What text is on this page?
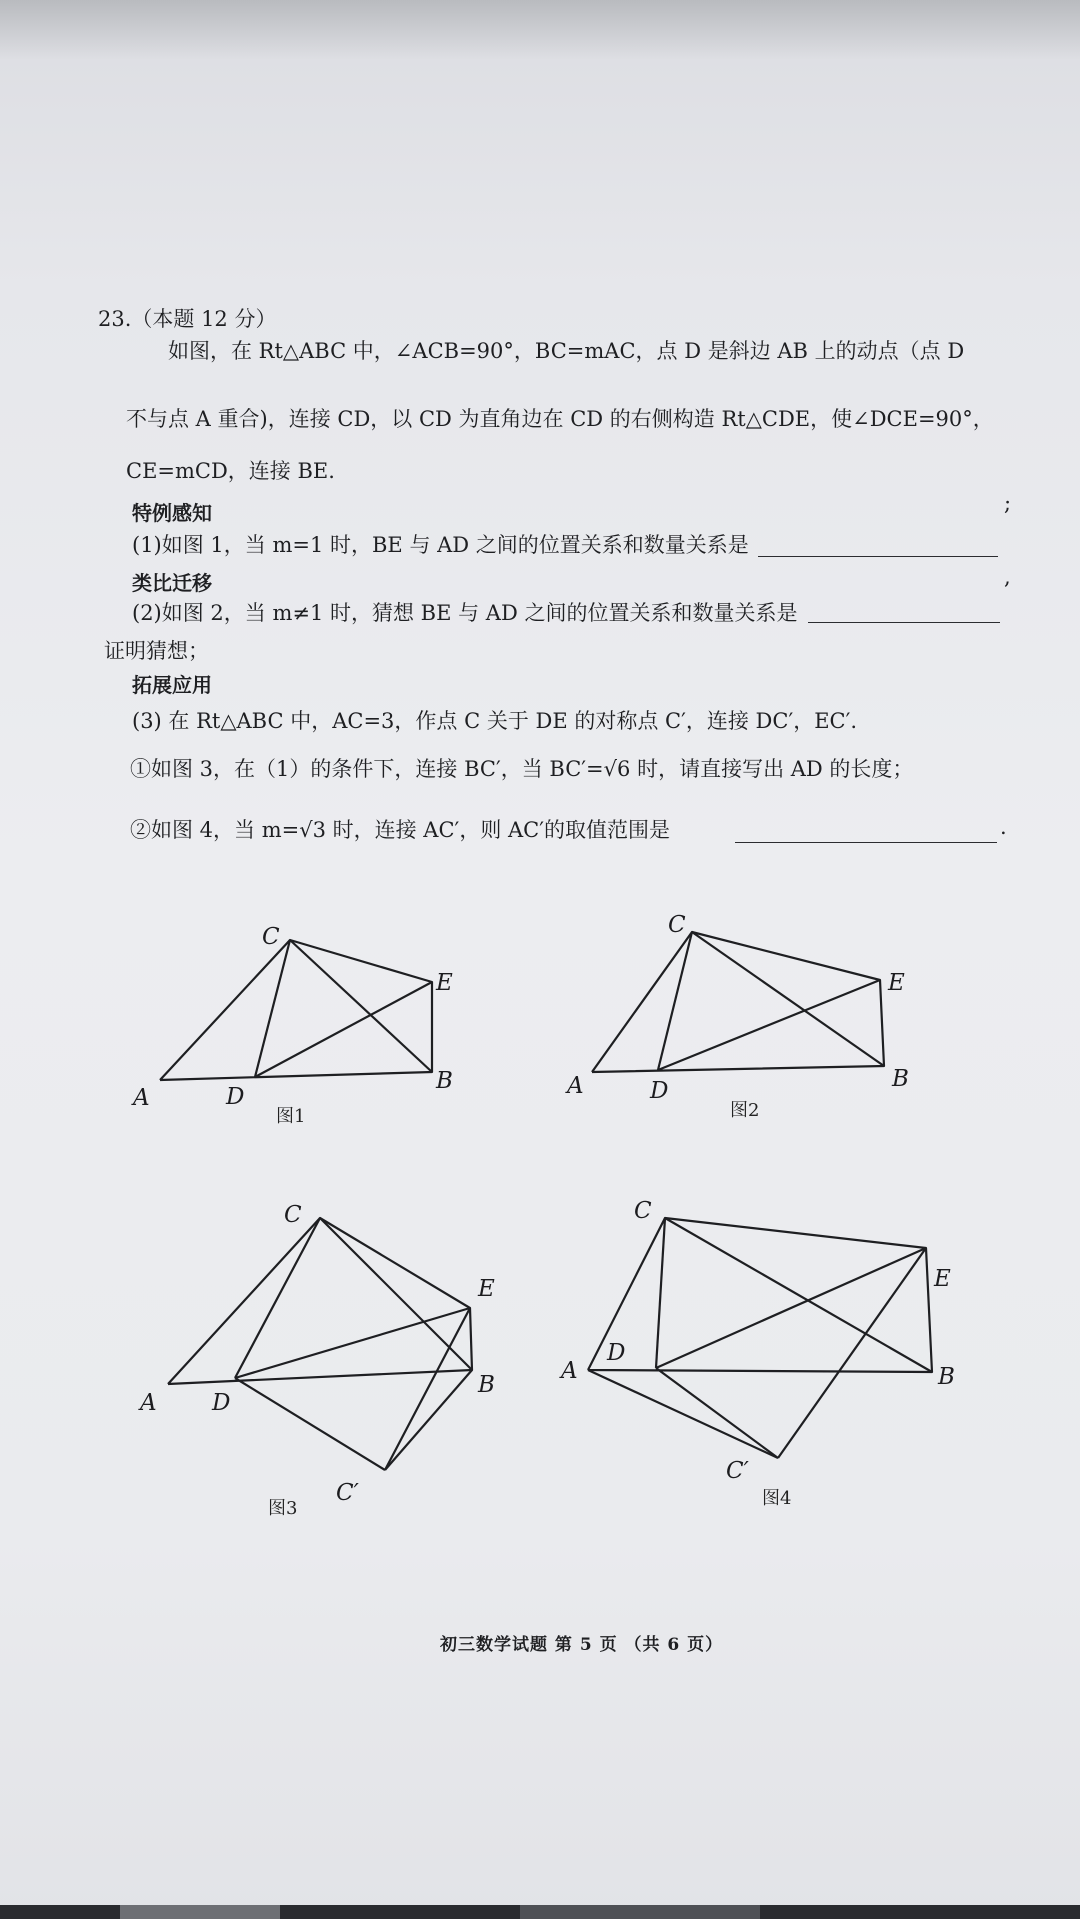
23.（本题 12 分）
如图，在 Rt△ABC 中，∠ACB=90°，BC=mAC，点 D 是斜边 AB 上的动点（点 D
不与点 A 重合)，连接 CD，以 CD 为直角边在 CD 的右侧构造 Rt△CDE，使∠DCE=90°，
CE=mCD，连接 BE.
特例感知
(1)如图 1，当 m=1 时，BE 与 AD 之间的位置关系和数量关系是
;
类比迁移
(2)如图 2，当 m≠1 时，猜想 BE 与 AD 之间的位置关系和数量关系是
,
证明猜想；
拓展应用
(3) 在 Rt△ABC 中，AC=3，作点 C 关于 DE 的对称点 C′，连接 DC′，EC′.
①如图 3，在（1）的条件下，连接 BC′，当 BC′=√6 时，请直接写出 AD 的长度；
②如图 4，当 m=√3 时，连接 AC′，则 AC′的取值范围是	.
A
B
C
D
E
A	B
C
D
E
A
B
C
D
E
C′
A	B
C
D
E
C′
图1	图2
图3	图4
初三数学试题 第 5 页 （共 6 页）
